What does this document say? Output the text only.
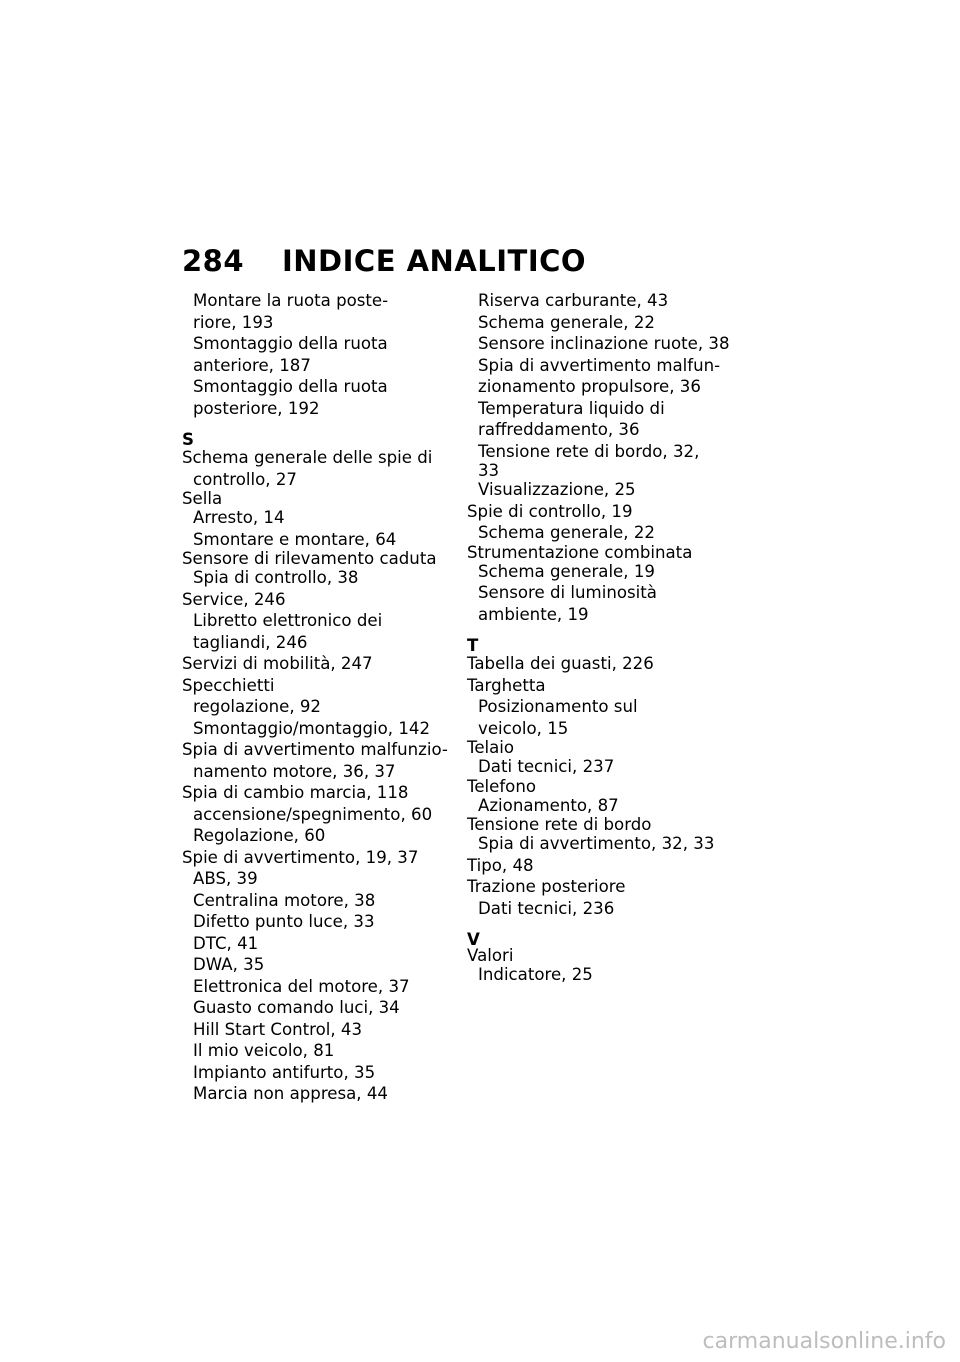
284 INDICE ANALITICO
Montare la ruota poste-
riore, 193
Smontaggio della ruota
anteriore, 187
Smontaggio della ruota
posteriore, 192
S
Schema generale delle spie di
controllo, 27
Sella
Arresto, 14
Smontare e montare, 64
Sensore di rilevamento caduta
Spia di controllo, 38
Service, 246
Libretto elettronico dei
tagliandi, 246
Servizi di mobilità, 247
Specchietti
regolazione, 92
Smontaggio/montaggio, 142
Spia di avvertimento malfunzio-
namento motore, 36, 37
Spia di cambio marcia, 118
accensione/spegnimento, 60
Regolazione, 60
Spie di avvertimento, 19, 37
ABS, 39
Centralina motore, 38
Difetto punto luce, 33
DTC, 41
DWA, 35
Elettronica del motore, 37
Guasto comando luci, 34
Hill Start Control, 43
Il mio veicolo, 81
Impianto antifurto, 35
Marcia non appresa, 44
Riserva carburante, 43
Schema generale, 22
Sensore inclinazione ruote, 38
Spia di avvertimento malfun-
zionamento propulsore, 36
Temperatura liquido di
raffreddamento, 36
Tensione rete di bordo, 32,
33
Visualizzazione, 25
Spie di controllo, 19
Schema generale, 22
Strumentazione combinata
Schema generale, 19
Sensore di luminosità
ambiente, 19
T
Tabella dei guasti, 226
Targhetta
Posizionamento sul
veicolo, 15
Telaio
Dati tecnici, 237
Telefono
Azionamento, 87
Tensione rete di bordo
Spia di avvertimento, 32, 33
Tipo, 48
Trazione posteriore
Dati tecnici, 236
V
Valori
Indicatore, 25
carmanualsonline.info
